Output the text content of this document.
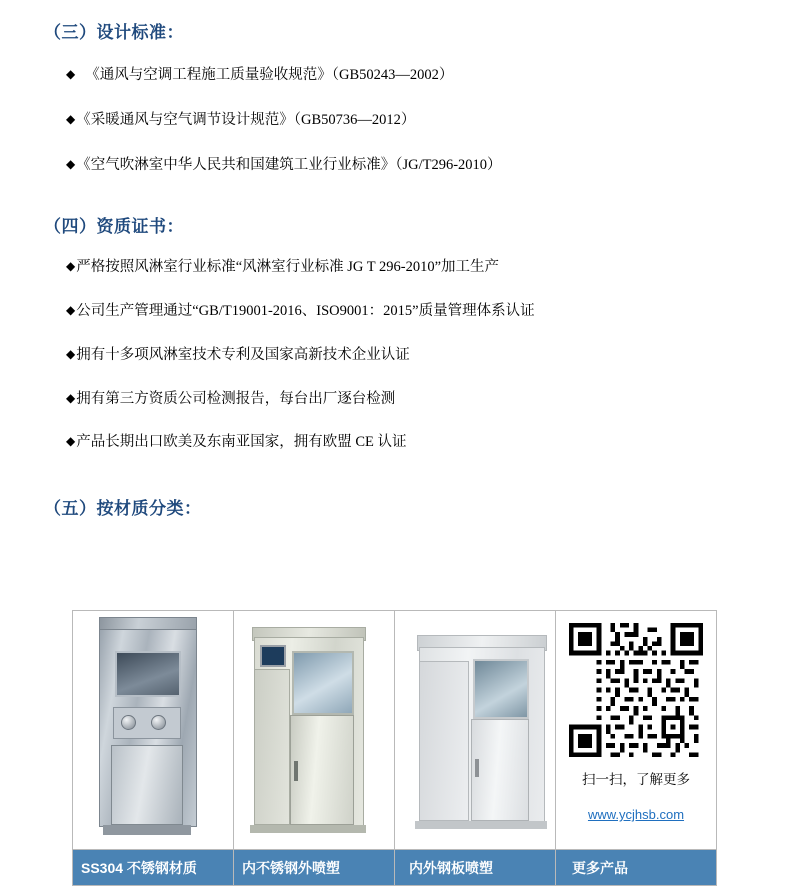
（三）设计标准：
◆ 《通风与空调工程施工质量验收规范》（GB50243—2002）
◆ 《采暖通风与空气调节设计规范》（GB50736—2012）
◆ 《空气吹淋室中华人民共和国建筑工业行业标准》（JG/T296-2010）
（四）资质证书：
◆ 严格按照风淋室行业标准“风淋室行业标准 JG T 296-2010”加工生产
◆ 公司生产管理通过“GB/T19001-2016、ISO9001：2015”质量管理体系认证
◆ 拥有十多项风淋室技术专利及国家高新技术企业认证
◆ 拥有第三方资质公司检测报告，每台出厂逐台检测
◆ 产品长期出口欧美及东南亚国家，拥有欧盟 CE 认证
（五）按材质分类：
SS304 不锈钢材质	内不锈钢外喷塑	内外钢板喷塑
扫一扫，了解更多
www.ycjhsb.com
更多产品
